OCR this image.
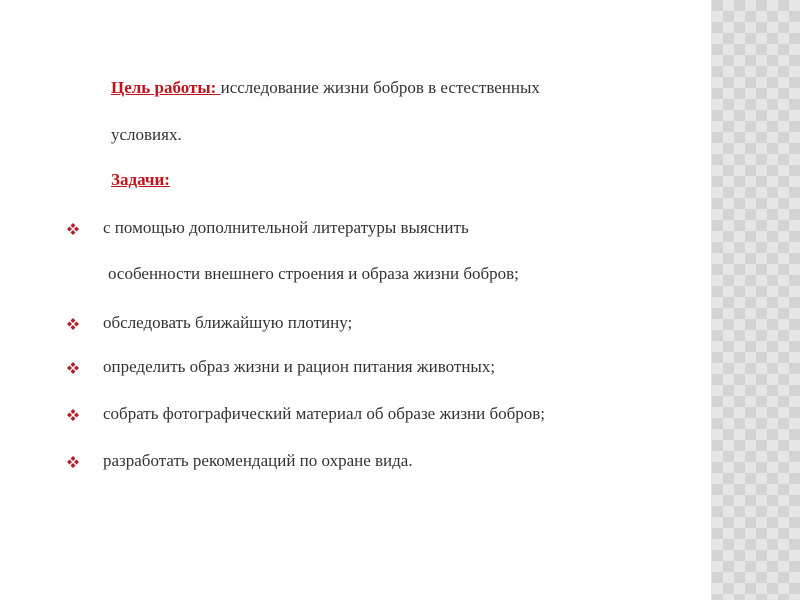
Цель работы: исследование жизни бобров в естественных
условиях.
Задачи:
с помощью дополнительной литературы выяснить
особенности внешнего строения и образа жизни бобров;
обследовать ближайшую плотину;
определить образ жизни и рацион питания животных;
собрать фотографический материал об образе жизни бобров;
разработать рекомендаций по охране вида.
